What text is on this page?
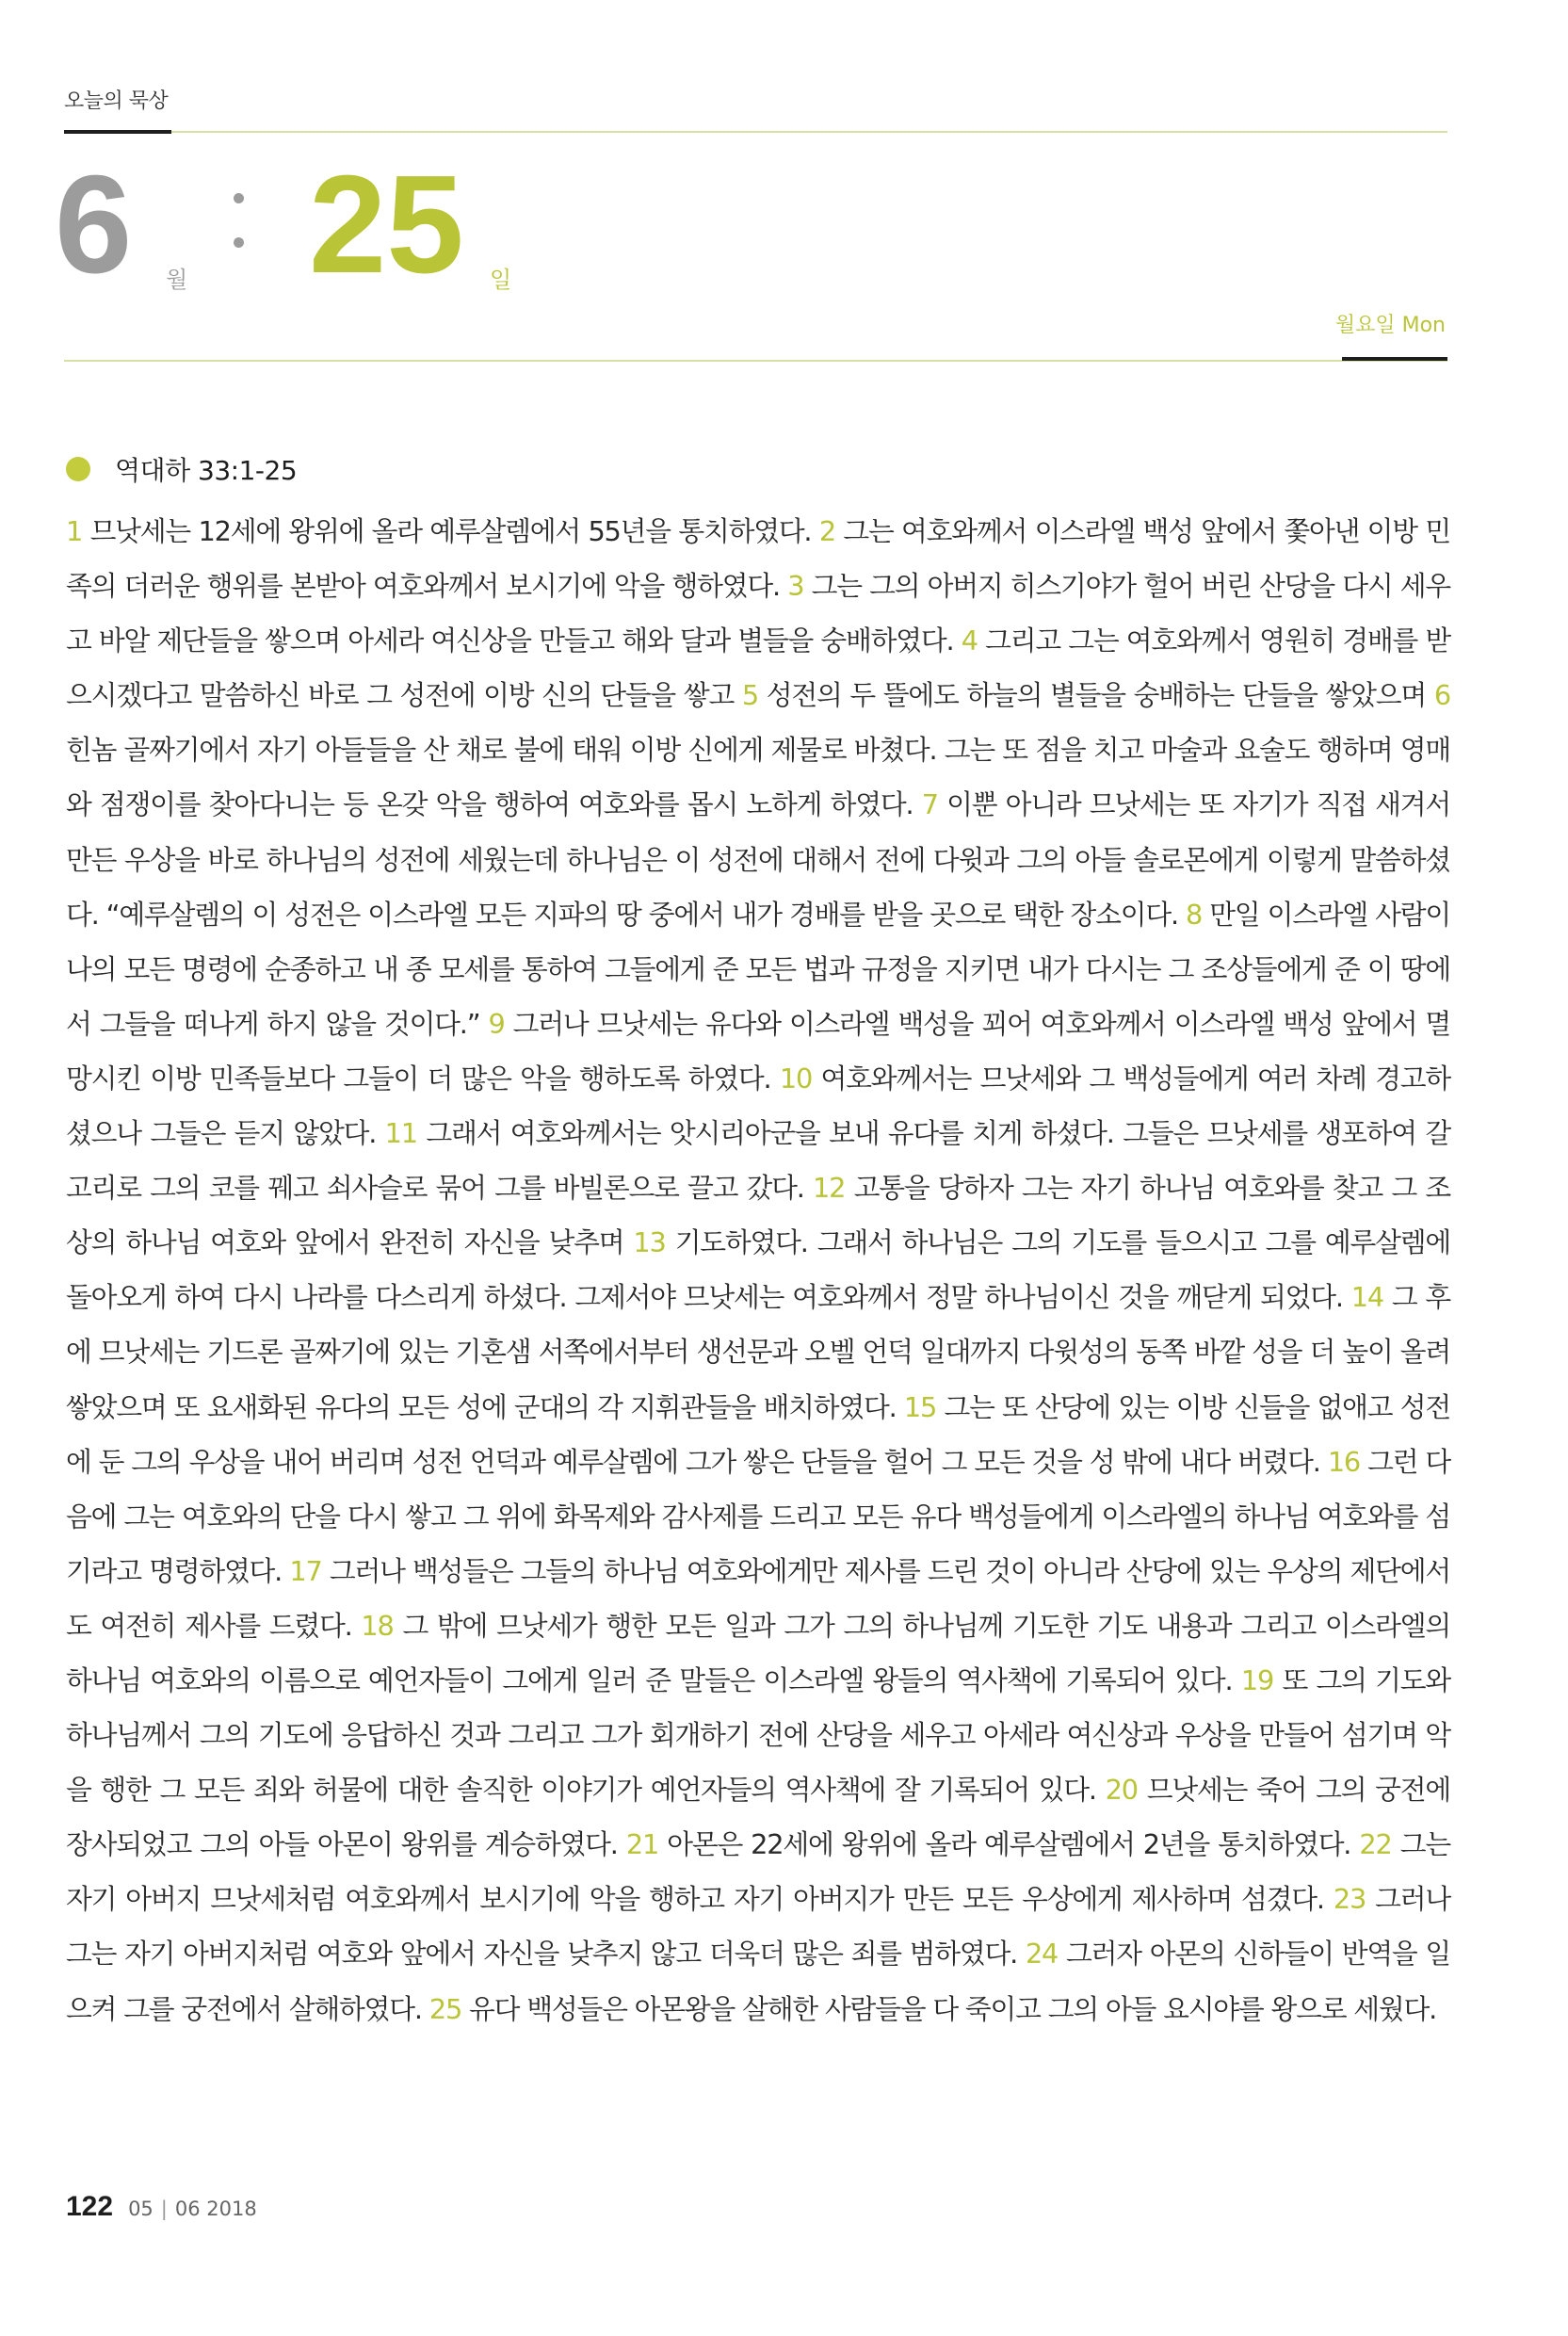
오늘의 묵상
6 월 25 일
월요일 Mon
역대하 33:1-25
1 므낫세는 12세에 왕위에 올라 예루살렘에서 55년을 통치하였다. 2 그는 여호와께서 이스라엘 백성 앞에서 쫓아낸 이방 민족의 더러운 행위를 본받아 여호와께서 보시기에 악을 행하였다. 3 그는 그의 아버지 히스기야가 헐어 버린 산당을 다시 세우고 바알 제단들을 쌓으며 아세라 여신상을 만들고 해와 달과 별들을 숭배하였다. 4 그리고 그는 여호와께서 영원히 경배를 받으시겠다고 말씀하신 바로 그 성전에 이방 신의 단들을 쌓고 5 성전의 두 뜰에도 하늘의 별들을 숭배하는 단들을 쌓았으며 6 힌놈 골짜기에서 자기 아들들을 산 채로 불에 태워 이방 신에게 제물로 바쳤다. 그는 또 점을 치고 마술과 요술도 행하며 영매와 점쟁이를 찾아다니는 등 온갖 악을 행하여 여호와를 몹시 노하게 하였다. 7 이뿐 아니라 므낫세는 또 자기가 직접 새겨서 만든 우상을 바로 하나님의 성전에 세웠는데 하나님은 이 성전에 대해서 전에 다윗과 그의 아들 솔로몬에게 이렇게 말씀하셨다. “예루살렘의 이 성전은 이스라엘 모든 지파의 땅 중에서 내가 경배를 받을 곳으로 택한 장소이다. 8 만일 이스라엘 사람이 나의 모든 명령에 순종하고 내 종 모세를 통하여 그들에게 준 모든 법과 규정을 지키면 내가 다시는 그 조상들에게 준 이 땅에서 그들을 떠나게 하지 않을 것이다.” 9 그러나 므낫세는 유다와 이스라엘 백성을 꾀어 여호와께서 이스라엘 백성 앞에서 멸망시킨 이방 민족들보다 그들이 더 많은 악을 행하도록 하였다. 10 여호와께서는 므낫세와 그 백성들에게 여러 차례 경고하셨으나 그들은 듣지 않았다. 11 그래서 여호와께서는 앗시리아군을 보내 유다를 치게 하셨다. 그들은 므낫세를 생포하여 갈고리로 그의 코를 꿰고 쇠사슬로 묶어 그를 바빌론으로 끌고 갔다. 12 고통을 당하자 그는 자기 하나님 여호와를 찾고 그 조상의 하나님 여호와 앞에서 완전히 자신을 낮추며 13 기도하였다. 그래서 하나님은 그의 기도를 들으시고 그를 예루살렘에 돌아오게 하여 다시 나라를 다스리게 하셨다. 그제서야 므낫세는 여호와께서 정말 하나님이신 것을 깨닫게 되었다. 14 그 후에 므낫세는 기드론 골짜기에 있는 기혼샘 서쪽에서부터 생선문과 오벨 언덕 일대까지 다윗성의 동쪽 바깥 성을 더 높이 올려 쌓았으며 또 요새화된 유다의 모든 성에 군대의 각 지휘관들을 배치하였다. 15 그는 또 산당에 있는 이방 신들을 없애고 성전에 둔 그의 우상을 내어 버리며 성전 언덕과 예루살렘에 그가 쌓은 단들을 헐어 그 모든 것을 성 밖에 내다 버렸다. 16 그런 다음에 그는 여호와의 단을 다시 쌓고 그 위에 화목제와 감사제를 드리고 모든 유다 백성들에게 이스라엘의 하나님 여호와를 섬기라고 명령하였다. 17 그러나 백성들은 그들의 하나님 여호와에게만 제사를 드린 것이 아니라 산당에 있는 우상의 제단에서도 여전히 제사를 드렸다. 18 그 밖에 므낫세가 행한 모든 일과 그가 그의 하나님께 기도한 기도 내용과 그리고 이스라엘의 하나님 여호와의 이름으로 예언자들이 그에게 일러 준 말들은 이스라엘 왕들의 역사책에 기록되어 있다. 19 또 그의 기도와 하나님께서 그의 기도에 응답하신 것과 그리고 그가 회개하기 전에 산당을 세우고 아세라 여신상과 우상을 만들어 섬기며 악을 행한 그 모든 죄와 허물에 대한 솔직한 이야기가 예언자들의 역사책에 잘 기록되어 있다. 20 므낫세는 죽어 그의 궁전에 장사되었고 그의 아들 아몬이 왕위를 계승하였다. 21 아몬은 22세에 왕위에 올라 예루살렘에서 2년을 통치하였다. 22 그는 자기 아버지 므낫세처럼 여호와께서 보시기에 악을 행하고 자기 아버지가 만든 모든 우상에게 제사하며 섬겼다. 23 그러나 그는 자기 아버지처럼 여호와 앞에서 자신을 낮추지 않고 더욱더 많은 죄를 범하였다. 24 그러자 아몬의 신하들이 반역을 일으켜 그를 궁전에서 살해하였다. 25 유다 백성들은 아몬왕을 살해한 사람들을 다 죽이고 그의 아들 요시야를 왕으로 세웠다.
122 05 | 06 2018
